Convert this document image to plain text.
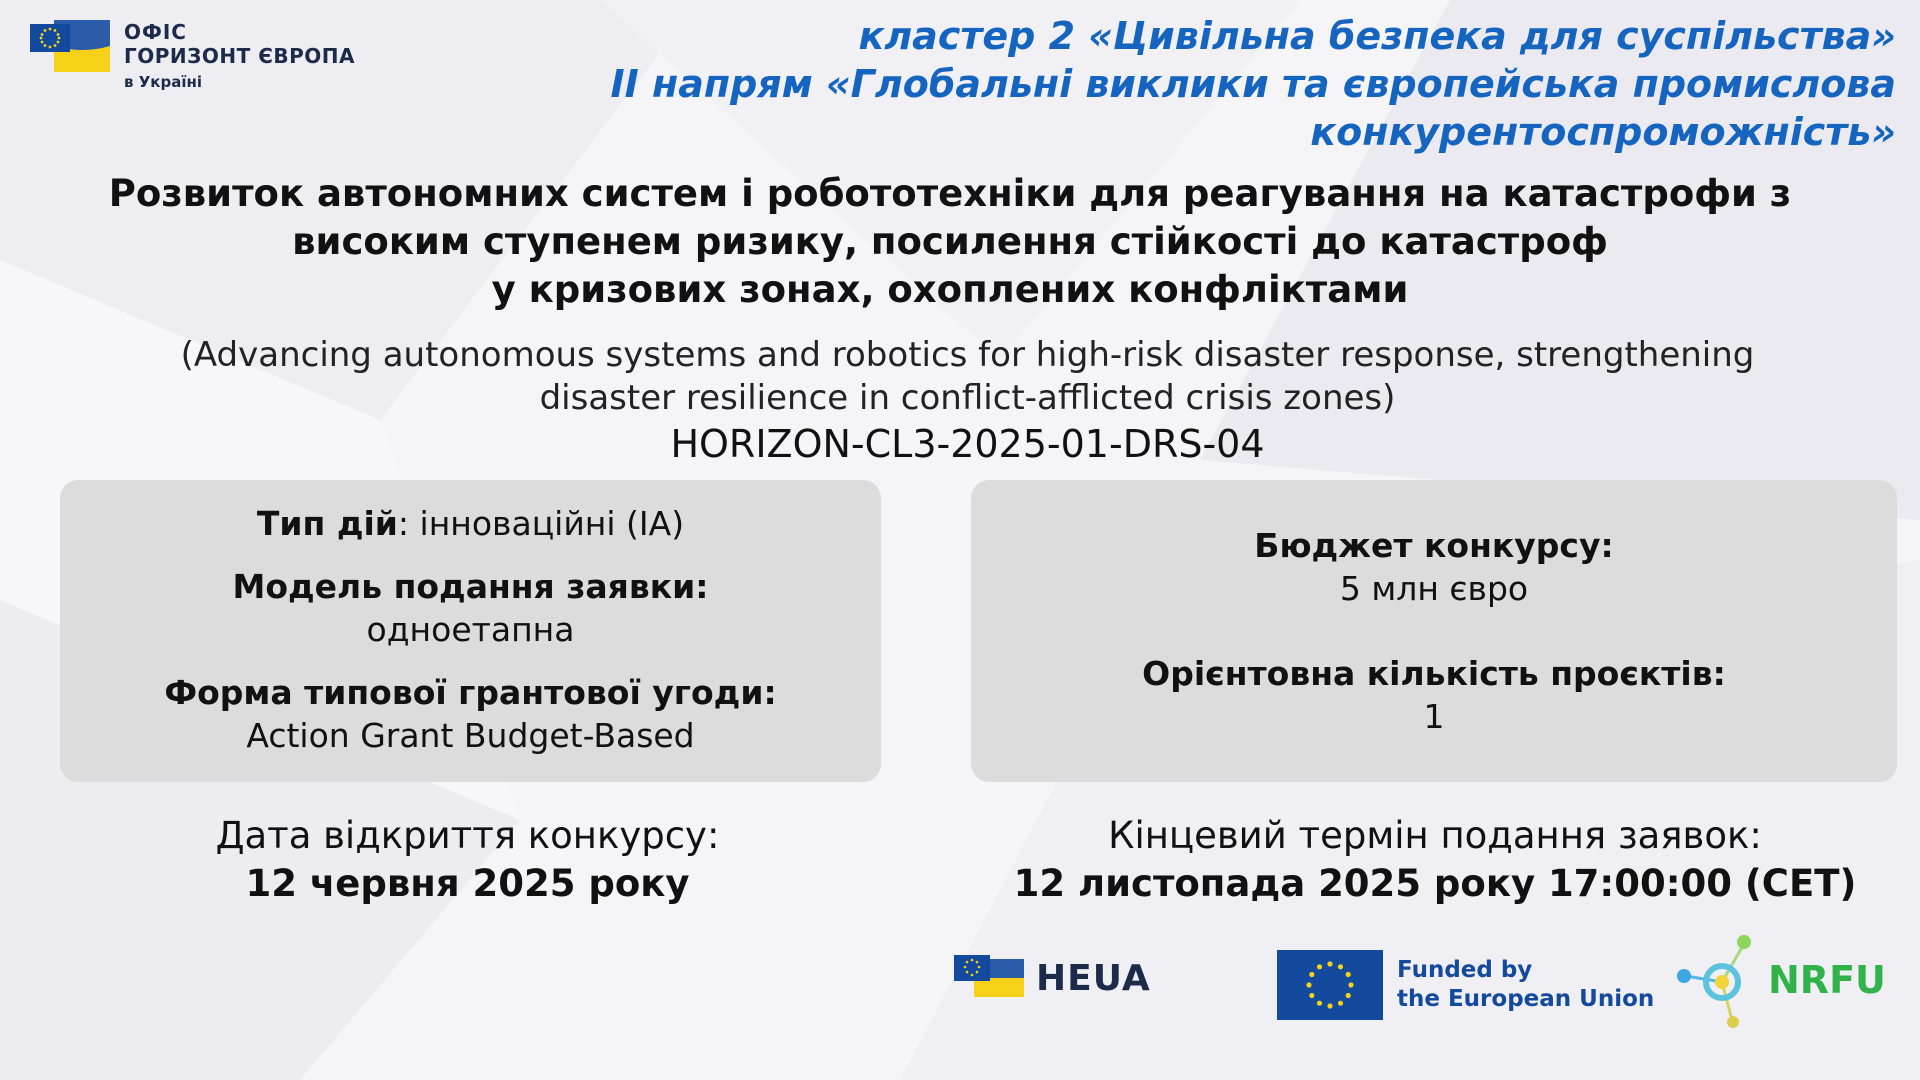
ОФІС
ГОРИЗОНТ ЄВРОПА
в Україні
кластер 2 «Цивільна безпека для суспільства»
ІІ напрям «Глобальні виклики та європейська промислова
конкурентоспроможність»
Розвиток автономних систем і робототехніки для реагування на катастрофи з
високим ступенем ризику, посилення стійкості до катастроф
у кризових зонах, охоплених конфліктами
(Advancing autonomous systems and robotics for high-risk disaster response, strengthening
disaster resilience in conflict-afflicted crisis zones)
HORIZON-CL3-2025-01-DRS-04
Тип дій: інноваційні (IA)
Модель подання заявки:
одноетапна
Форма типової грантової угоди:
Action Grant Budget-Based
Бюджет конкурсу:
5 млн євро
Орієнтовна кількість проєктів:
1
Дата відкриття конкурсу:
12 червня 2025 року
Кінцевий термін подання заявок:
12 листопада 2025 року 17:00:00 (CET)
HEUA	Funded by
the European Union	NRFU
